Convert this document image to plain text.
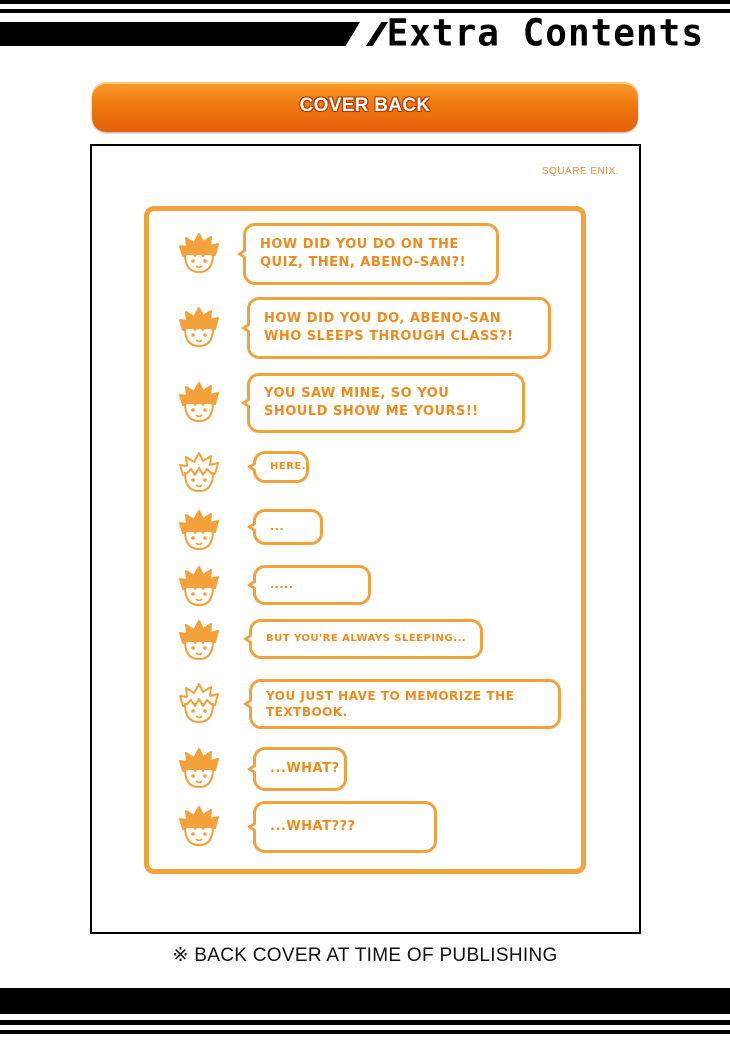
Extra Contents
COVER BACK
SQUARE ENIX.
HOW DID YOU DO ON THE
QUIZ, THEN, ABENO-SAN?!
HOW DID YOU DO, ABENO-SAN
WHO SLEEPS THROUGH CLASS?!
YOU SAW MINE, SO YOU
SHOULD SHOW ME YOURS!!
HERE.
...
.....
BUT YOU'RE ALWAYS SLEEPING...
YOU JUST HAVE TO MEMORIZE THE
TEXTBOOK.
...WHAT?
...WHAT???
※ BACK COVER AT TIME OF PUBLISHING
